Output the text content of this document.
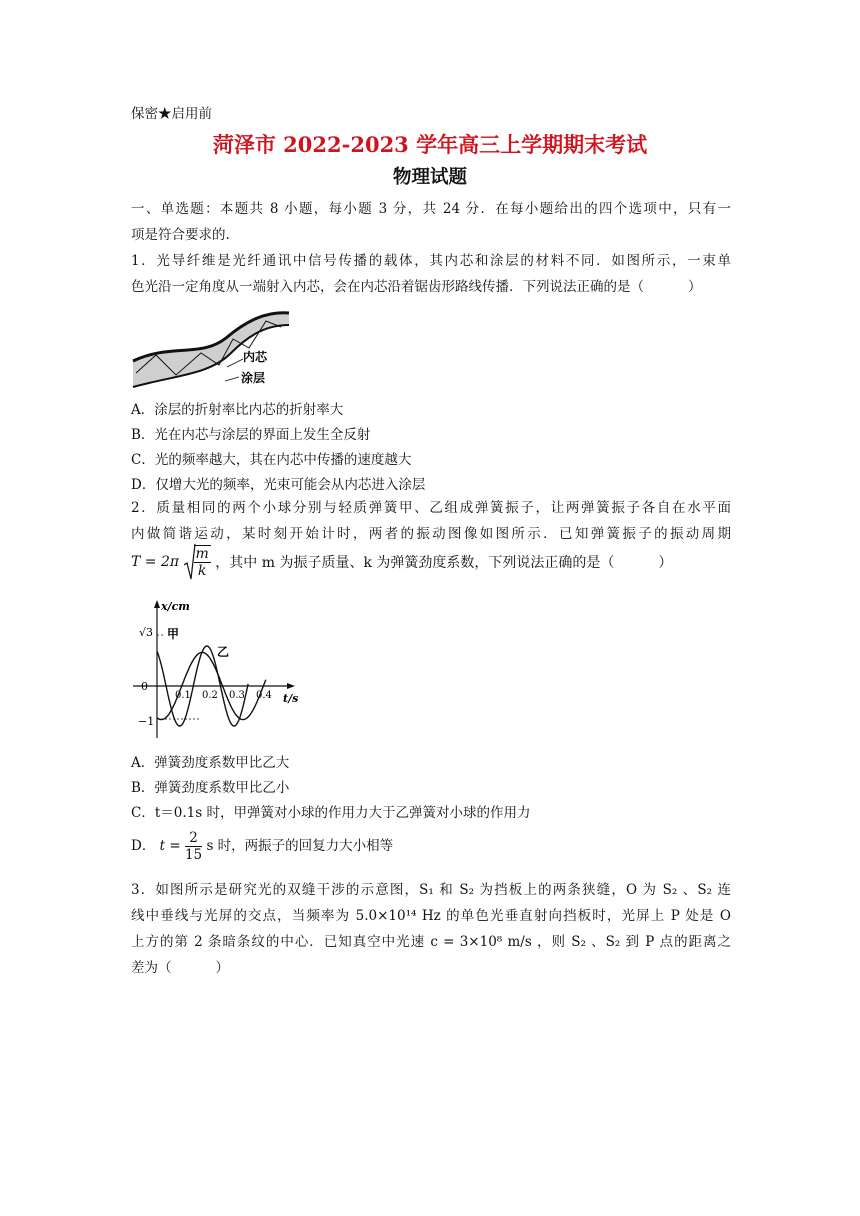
保密★启用前
菏泽市 2022-2023 学年高三上学期期末考试
物理试题
一、单选题：本题共 8 小题，每小题 3 分，共 24 分．在每小题给出的四个选项中，只有一
项是符合要求的.
1．光导纤维是光纤通讯中信号传播的载体，其内芯和涂层的材料不同．如图所示，一束单
色光沿一定角度从一端射入内芯，会在内芯沿着锯齿形路线传播．下列说法正确的是（	）
内芯
涂层
A．涂层的折射率比内芯的折射率大
B．光在内芯与涂层的界面上发生全反射
C．光的频率越大，其在内芯中传播的速度越大
D．仅增大光的频率，光束可能会从内芯进入涂层
2．质量相同的两个小球分别与轻质弹簧甲、乙组成弹簧振子，让两弹簧振子各自在水平面
内做简谐运动，某时刻开始计时，两者的振动图像如图所示．已知弹簧振子的振动周期
$T = 2\pi \frac{m}{k}$ ，其中 m 为振子质量、k 为弹簧劲度系数，下列说法正确的是（	）
x/cm
t/s
√3
0
−1
0.1 0.2 0.3 0.4
甲
乙
A．弹簧劲度系数甲比乙大
B．弹簧劲度系数甲比乙小
C．t＝0.1s 时，甲弹簧对小球的作用力大于乙弹簧对小球的作用力
D． $t = \frac{2}{15}$ s 时，两振子的回复力大小相等
3．如图所示是研究光的双缝干涉的示意图，S₁ 和 S₂ 为挡板上的两条狭缝，O 为 S₂ 、S₂ 连
线中垂线与光屏的交点，当频率为 5.0×10¹⁴ Hz 的单色光垂直射向挡板时，光屏上 P 处是 O
上方的第 2 条暗条纹的中心．已知真空中光速 c = 3×10⁸ m/s ，则 S₂ 、S₂ 到 P 点的距离之
差为（	）
